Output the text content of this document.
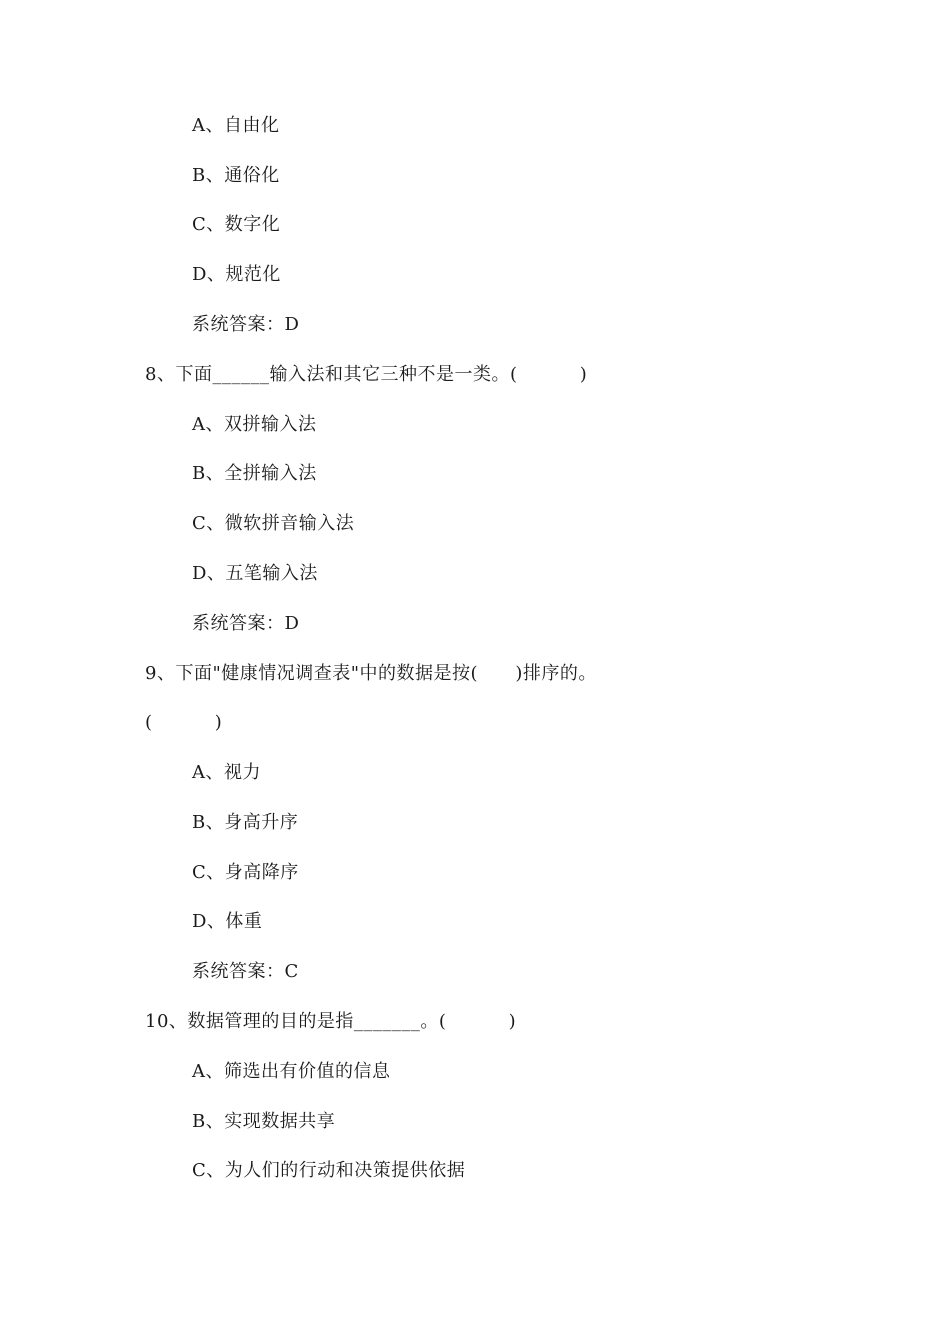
A、自由化
B、通俗化
C、数字化
D、规范化
系统答案：D
8、下面______输入法和其它三种不是一类。(          )
A、双拼输入法
B、全拼输入法
C、微软拼音输入法
D、五笔输入法
系统答案：D
9、下面"健康情况调查表"中的数据是按(      )排序的。
(          )
A、视力
B、身高升序
C、身高降序
D、体重
系统答案：C
10、数据管理的目的是指_______。(          )
A、筛选出有价值的信息
B、实现数据共享
C、为人们的行动和决策提供依据
